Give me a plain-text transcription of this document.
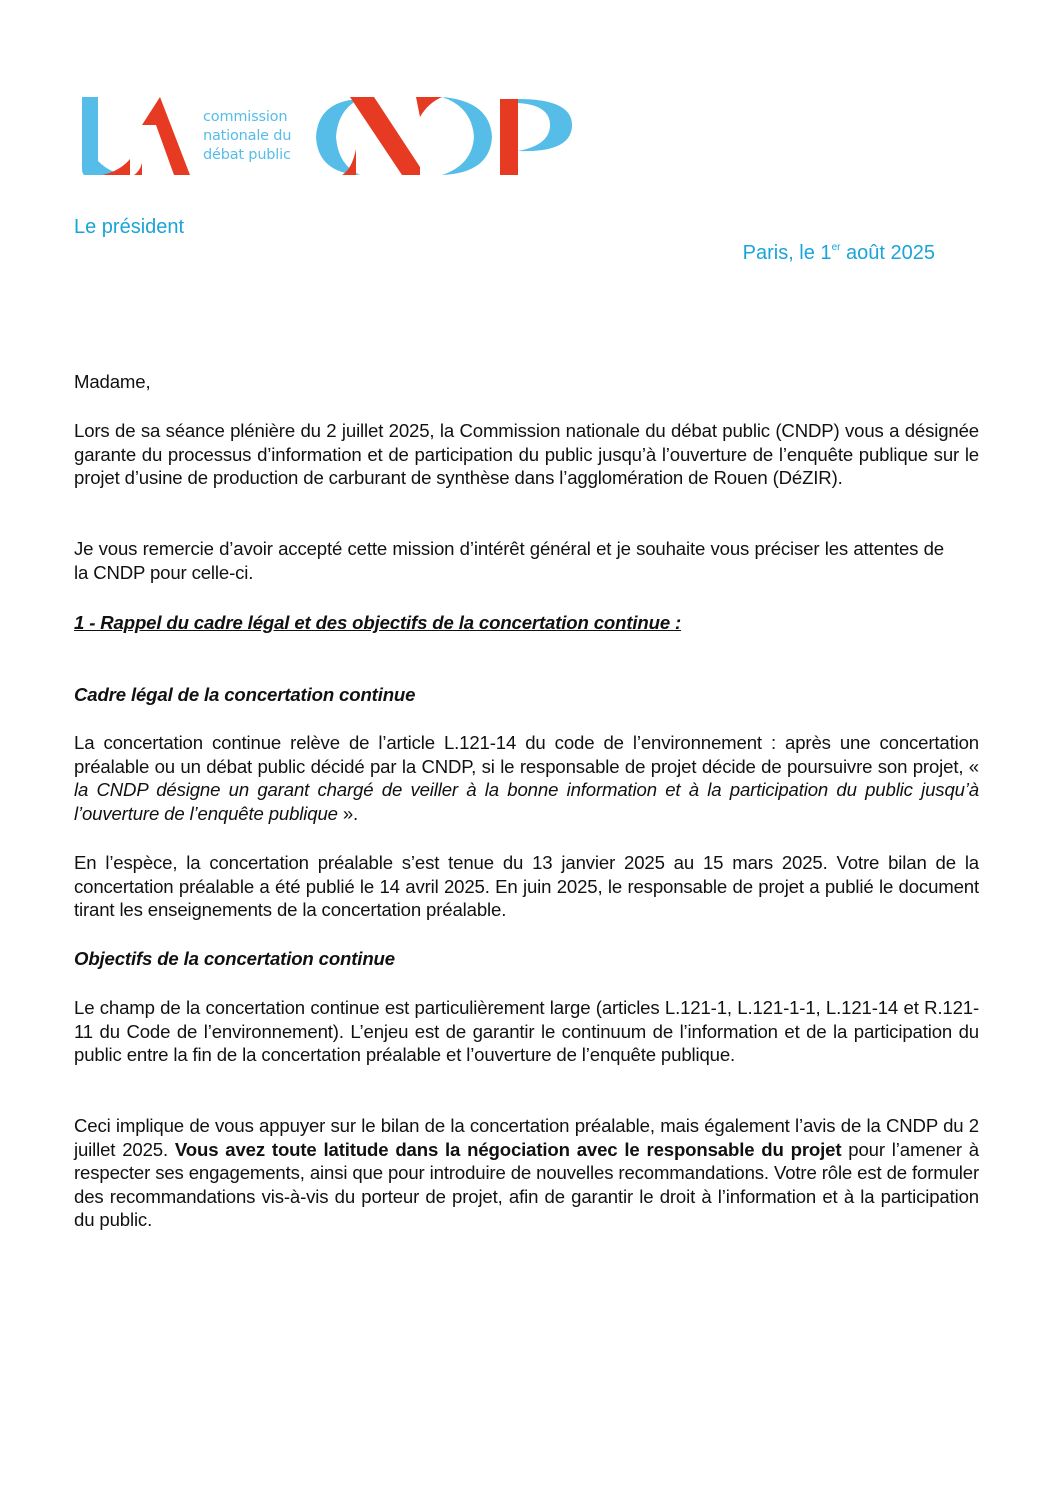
commission
nationale du
débat public
Le président
Paris, le 1er août 2025
Madame,

Lors de sa séance plénière du 2 juillet 2025, la Commission nationale du débat public (CNDP) vous a désignée garante du processus d’information et de participation du public jusqu’à l’ouverture de l’enquête publique sur le projet d’usine de production de carburant de synthèse dans l’agglomération de Rouen (DéZIR).

Je vous remercie d’avoir accepté cette mission d’intérêt général et je souhaite vous préciser les attentes de la CNDP pour celle-ci.

1 - Rappel du cadre légal et des objectifs de la concertation continue :
Cadre légal de la concertation continue

La concertation continue relève de l’article L.121-14 du code de l’environnement : après une concertation préalable ou un débat public décidé par la CNDP, si le responsable de projet décide de poursuivre son projet, « la CNDP désigne un garant chargé de veiller à la bonne information et à la participation du public jusqu’à l’ouverture de l’enquête publique ».

En l’espèce, la concertation préalable s’est tenue du 13 janvier 2025 au 15 mars 2025. Votre bilan de la concertation préalable a été publié le 14 avril 2025. En juin 2025, le responsable de projet a publié le document tirant les enseignements de la concertation préalable.

Objectifs de la concertation continue

Le champ de la concertation continue est particulièrement large (articles L.121-1, L.121-1-1, L.121-14 et R.121-11 du Code de l’environnement). L’enjeu est de garantir le continuum de l’information et de la participation du public entre la fin de la concertation préalable et l’ouverture de l’enquête publique.

Ceci implique de vous appuyer sur le bilan de la concertation préalable, mais également l’avis de la CNDP du 2 juillet 2025. Vous avez toute latitude dans la négociation avec le responsable du projet pour l’amener à respecter ses engagements, ainsi que pour introduire de nouvelles recommandations. Votre rôle est de formuler des recommandations vis-à-vis du porteur de projet, afin de garantir le droit à l’information et à la participation du public.
